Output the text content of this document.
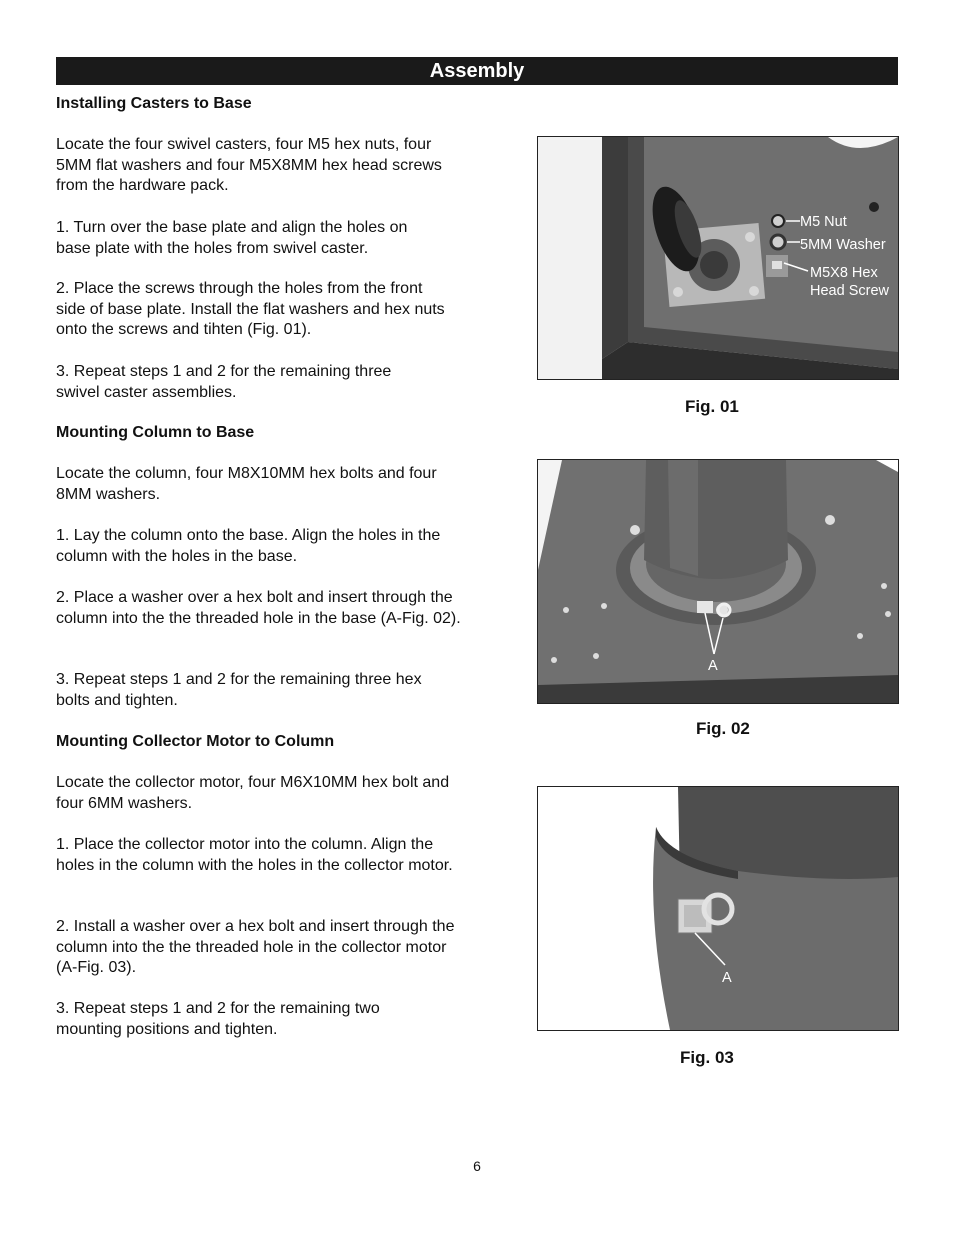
Assembly

Installing Casters to Base

Locate the four swivel casters, four M5 hex nuts, four 5MM flat washers and four M5X8MM hex head screws from the hardware pack.

1. Turn over the base plate and align the holes on base plate with the holes from swivel caster.

2. Place the screws through the holes from the front side of base plate. Install the flat washers and hex nuts onto the screws and tihten (Fig. 01).

3. Repeat steps 1 and 2 for the remaining three swivel caster assemblies.

Mounting Column to Base

Locate the column, four M8X10MM hex bolts and four 8MM washers.

1. Lay the column onto the base. Align the holes in the column with the holes in the base.

2. Place a washer over a hex bolt and insert through the column into the the threaded hole in the base (A-Fig. 02).

3. Repeat steps 1 and 2 for the remaining three hex bolts and tighten.

Mounting Collector Motor to Column

Locate the collector motor, four M6X10MM hex bolt and four 6MM washers.

1. Place the collector motor into the column. Align the holes in the column with the holes in the collector motor.

2. Install a washer over a hex bolt and insert through the column into the the threaded hole in the collector motor (A-Fig. 03).

3. Repeat steps 1 and 2 for the remaining two mounting positions and tighten.

M5 Nut
5MM Washer
M5X8 Hex
Head Screw
Fig. 01
A
Fig. 02
A
Fig. 03
6
